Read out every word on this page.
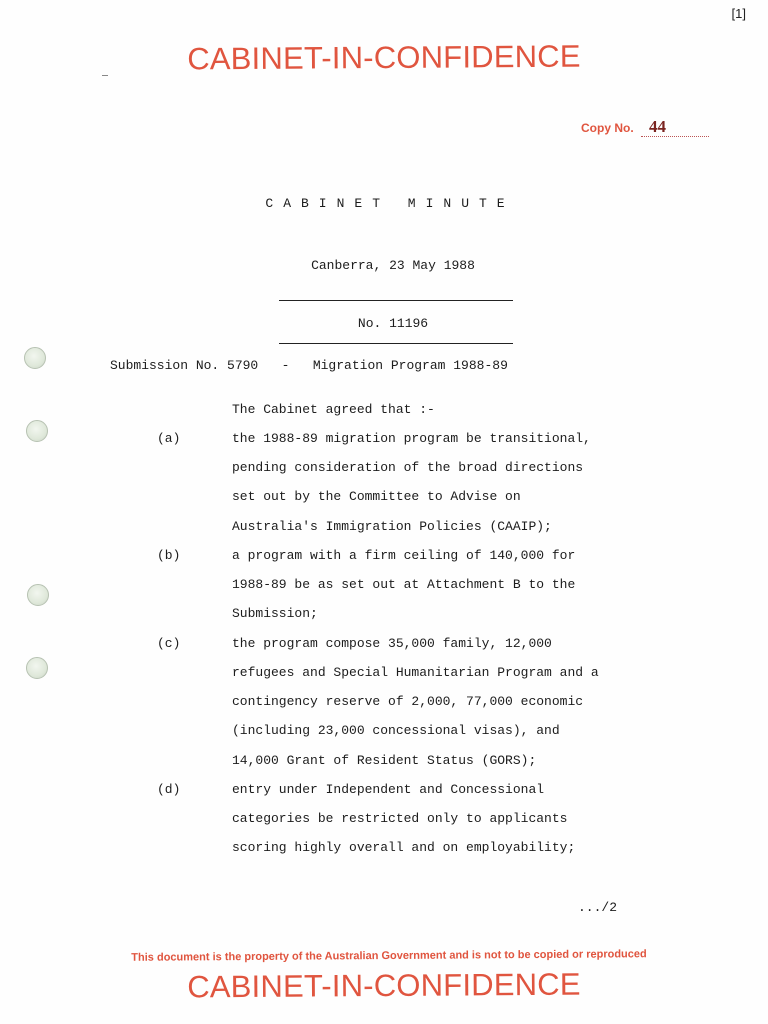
[1]
CABINET-IN-CONFIDENCE
Copy No. 44
CABINET MINUTE
Canberra, 23 May 1988
No. 11196
Submission No. 5790   -   Migration Program 1988-89
The Cabinet agreed that :-
(a)	the 1988-89 migration program be transitional,
pending consideration of the broad directions
set out by the Committee to Advise on
Australia's Immigration Policies (CAAIP);
(b)	a program with a firm ceiling of 140,000 for
1988-89 be as set out at Attachment B to the
Submission;
(c)	the program compose 35,000 family, 12,000
refugees and Special Humanitarian Program and a
contingency reserve of 2,000, 77,000 economic
(including 23,000 concessional visas), and
14,000 Grant of Resident Status (GORS);
(d)	entry under Independent and Concessional
categories be restricted only to applicants
scoring highly overall and on employability;
.../2
This document is the property of the Australian Government and is not to be copied or reproduced
CABINET-IN-CONFIDENCE
